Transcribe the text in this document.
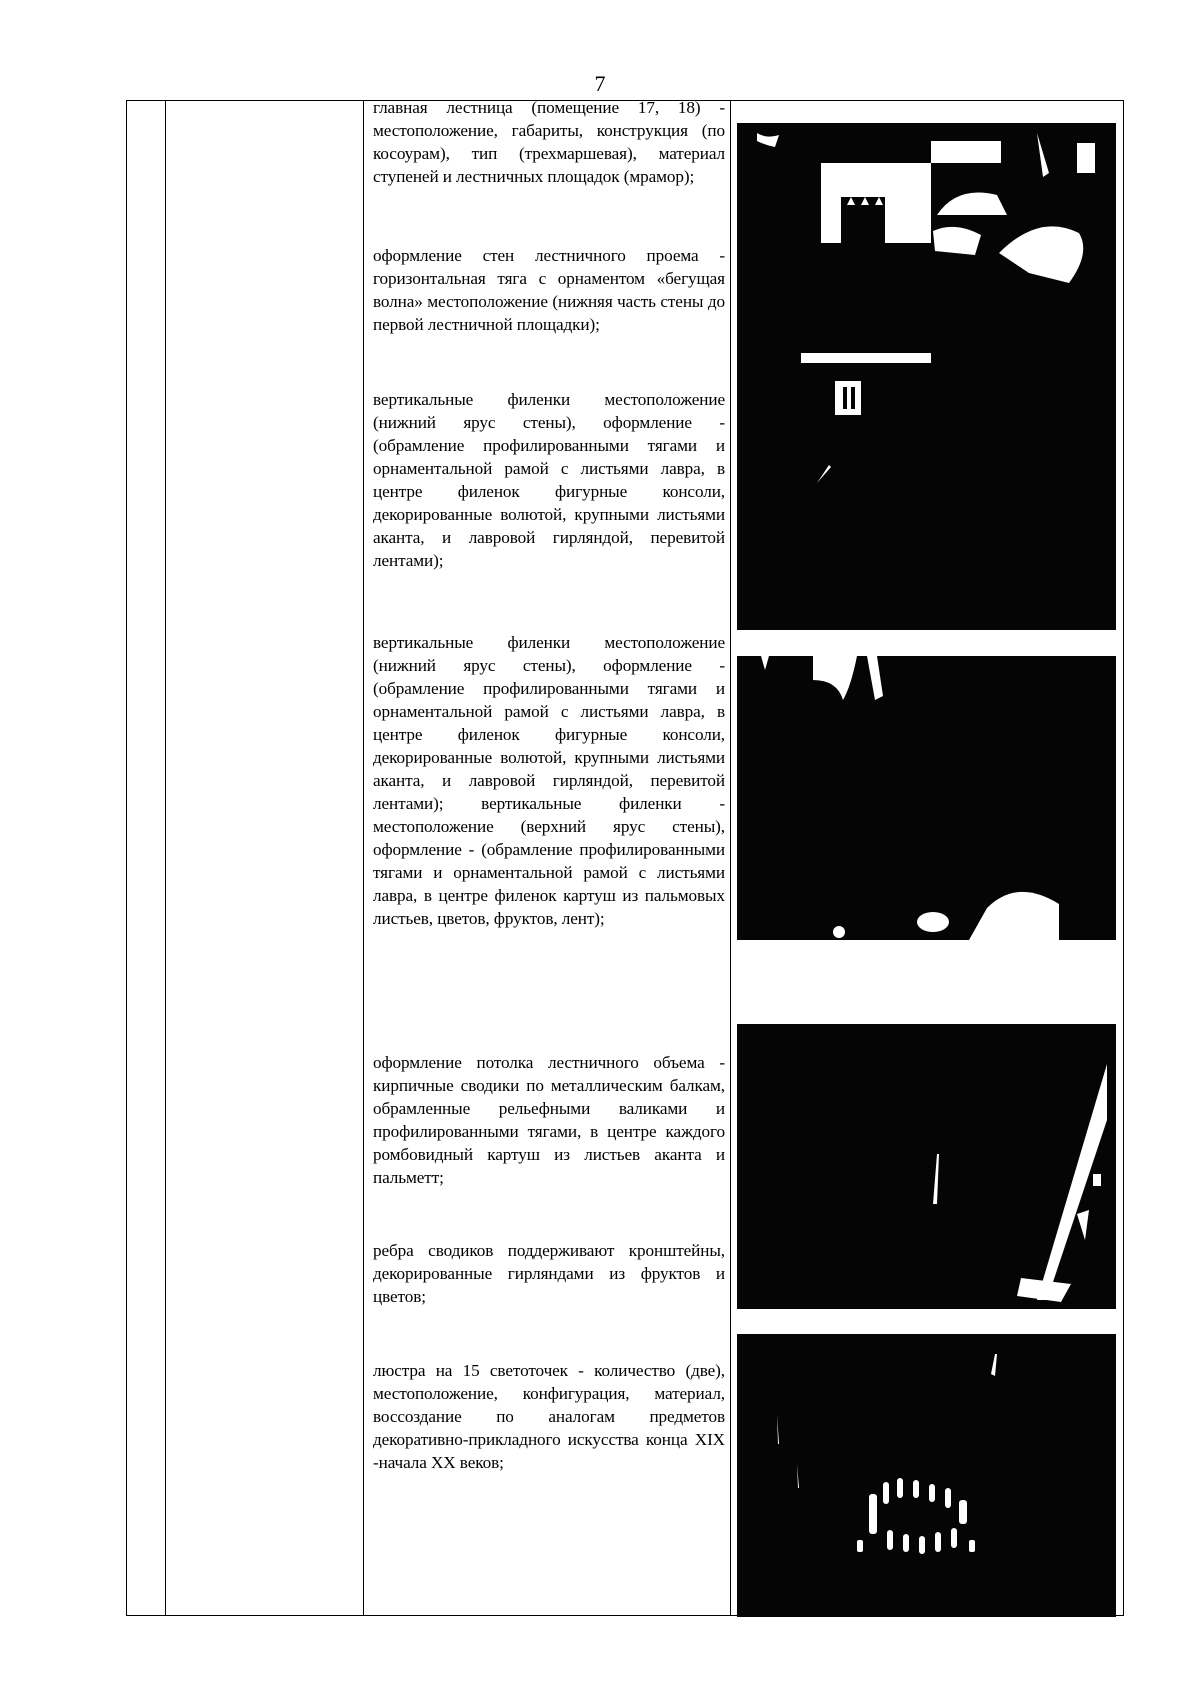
7

главная лестница (помещение 17, 18) - местоположение, габариты, конструкция (по косоурам), тип (трехмаршевая), материал ступеней и лестничных площадок (мрамор);

оформление стен лестничного проема - горизонтальная тяга с орнаментом «бегущая волна» местоположение (нижняя часть стены до первой лестничной площадки);

вертикальные филенки местоположение (нижний ярус стены), оформление - (обрамление профилированными тягами и орнаментальной рамой с листьями лавра, в центре филенок фигурные консоли, декорированные волютой, крупными листьями аканта, и лавровой гирляндой, перевитой лентами);

вертикальные филенки местоположение (нижний ярус стены), оформление - (обрамление профилированными тягами и орнаментальной рамой с листьями лавра, в центре филенок фигурные консоли, декорированные волютой, крупными листьями аканта, и лавровой гирляндой, перевитой лентами); вертикальные филенки - местоположение (верхний ярус стены), оформление - (обрамление профилированными тягами и орнаментальной рамой с листьями лавра, в центре филенок картуш из пальмовых листьев, цветов, фруктов, лент);

оформление потолка лестничного объема - кирпичные сводики по металлическим балкам, обрамленные рельефными валиками и профилированными тягами, в центре каждого ромбовидный картуш из листьев аканта и пальметт;

ребра сводиков поддерживают кронштейны, декорированные гирляндами из фруктов и цветов;

люстра на 15 светоточек - количество (две), местоположение, конфигурация, материал, воссоздание по аналогам предметов декоративно-прикладного искусства конца XIX -начала XX веков;
